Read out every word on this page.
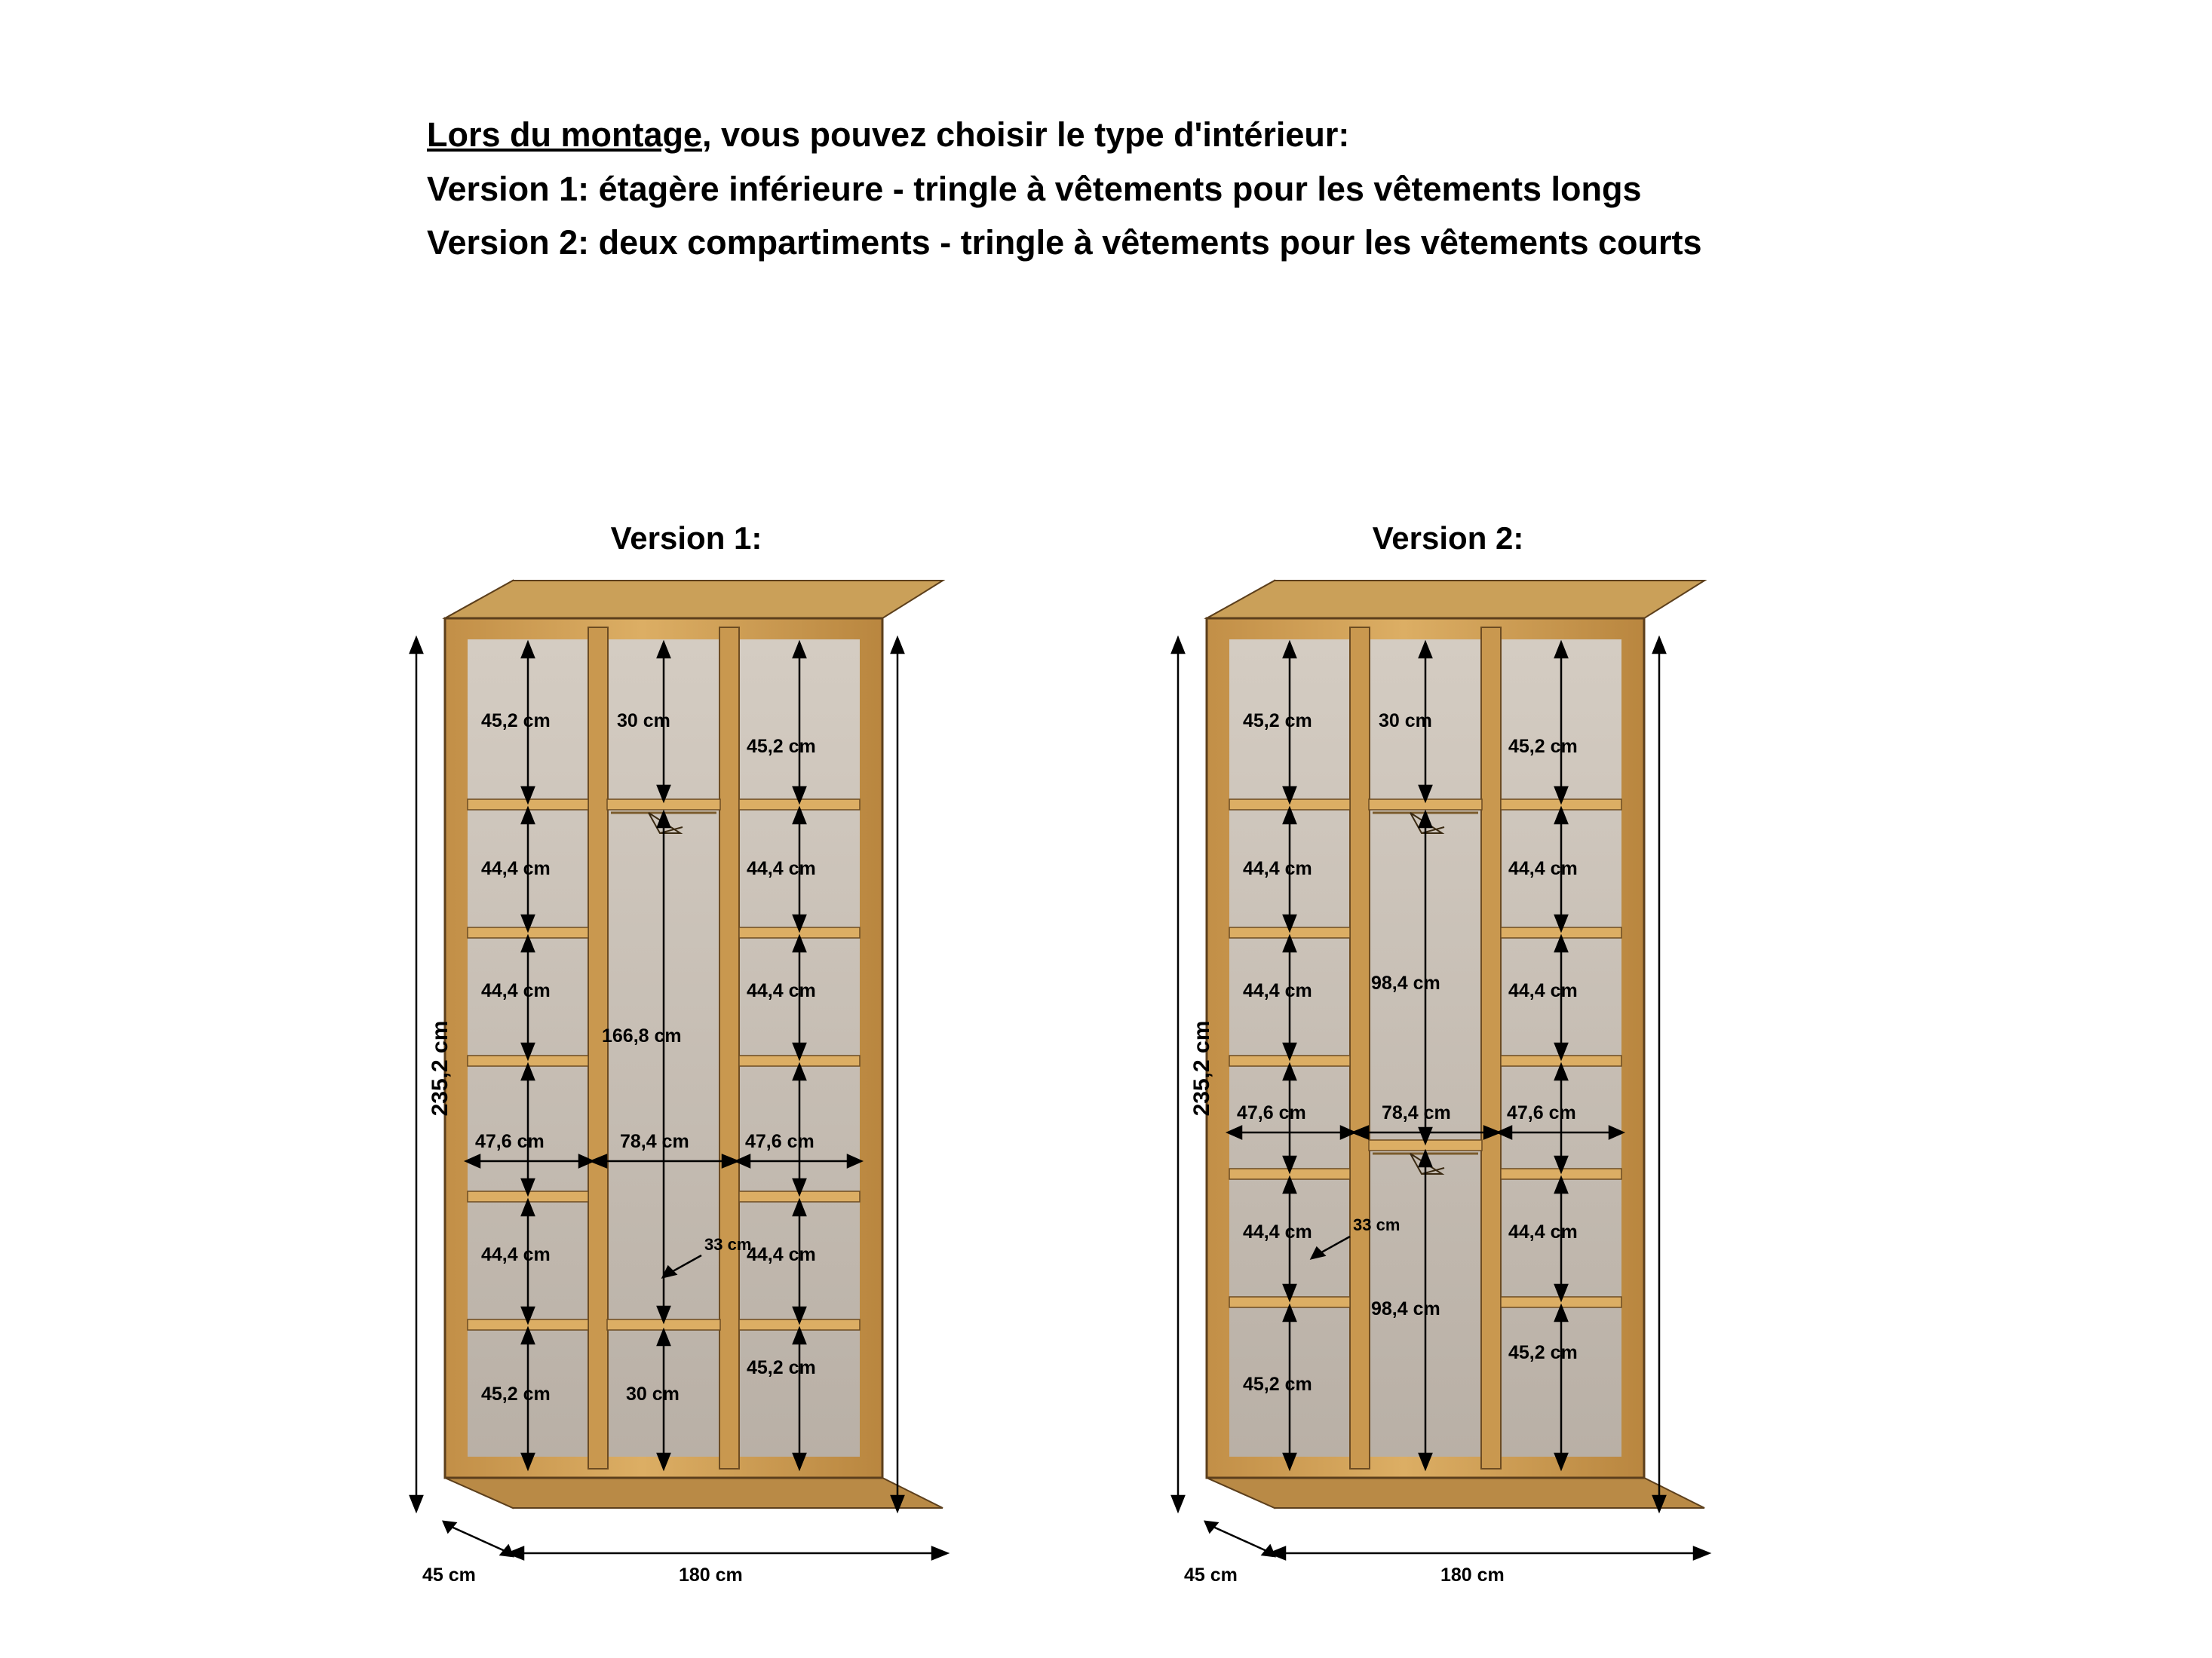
Lors du montage, vous pouvez choisir le type d'intérieur:

Version 1: étagère inférieure - tringle à vêtements pour les vêtements longs

Version 2: deux compartiments - tringle à vêtements pour les vêtements courts

Version 1:	Version 2:
235,2 cm
45 cm	180 cm
45,2 cm
44,4 cm
44,4 cm
47,6 cm
44,4 cm
45,2 cm
30 cm
166,8 cm
78,4 cm
33 cm
30 cm
45,2 cm
44,4 cm
44,4 cm
47,6 cm
44,4 cm
45,2 cm
235,2 cm
45 cm	180 cm
45,2 cm
44,4 cm
44,4 cm
47,6 cm
44,4 cm
45,2 cm
30 cm
98,4 cm
78,4 cm
33 cm
98,4 cm
45,2 cm
44,4 cm
44,4 cm
47,6 cm
44,4 cm
45,2 cm
